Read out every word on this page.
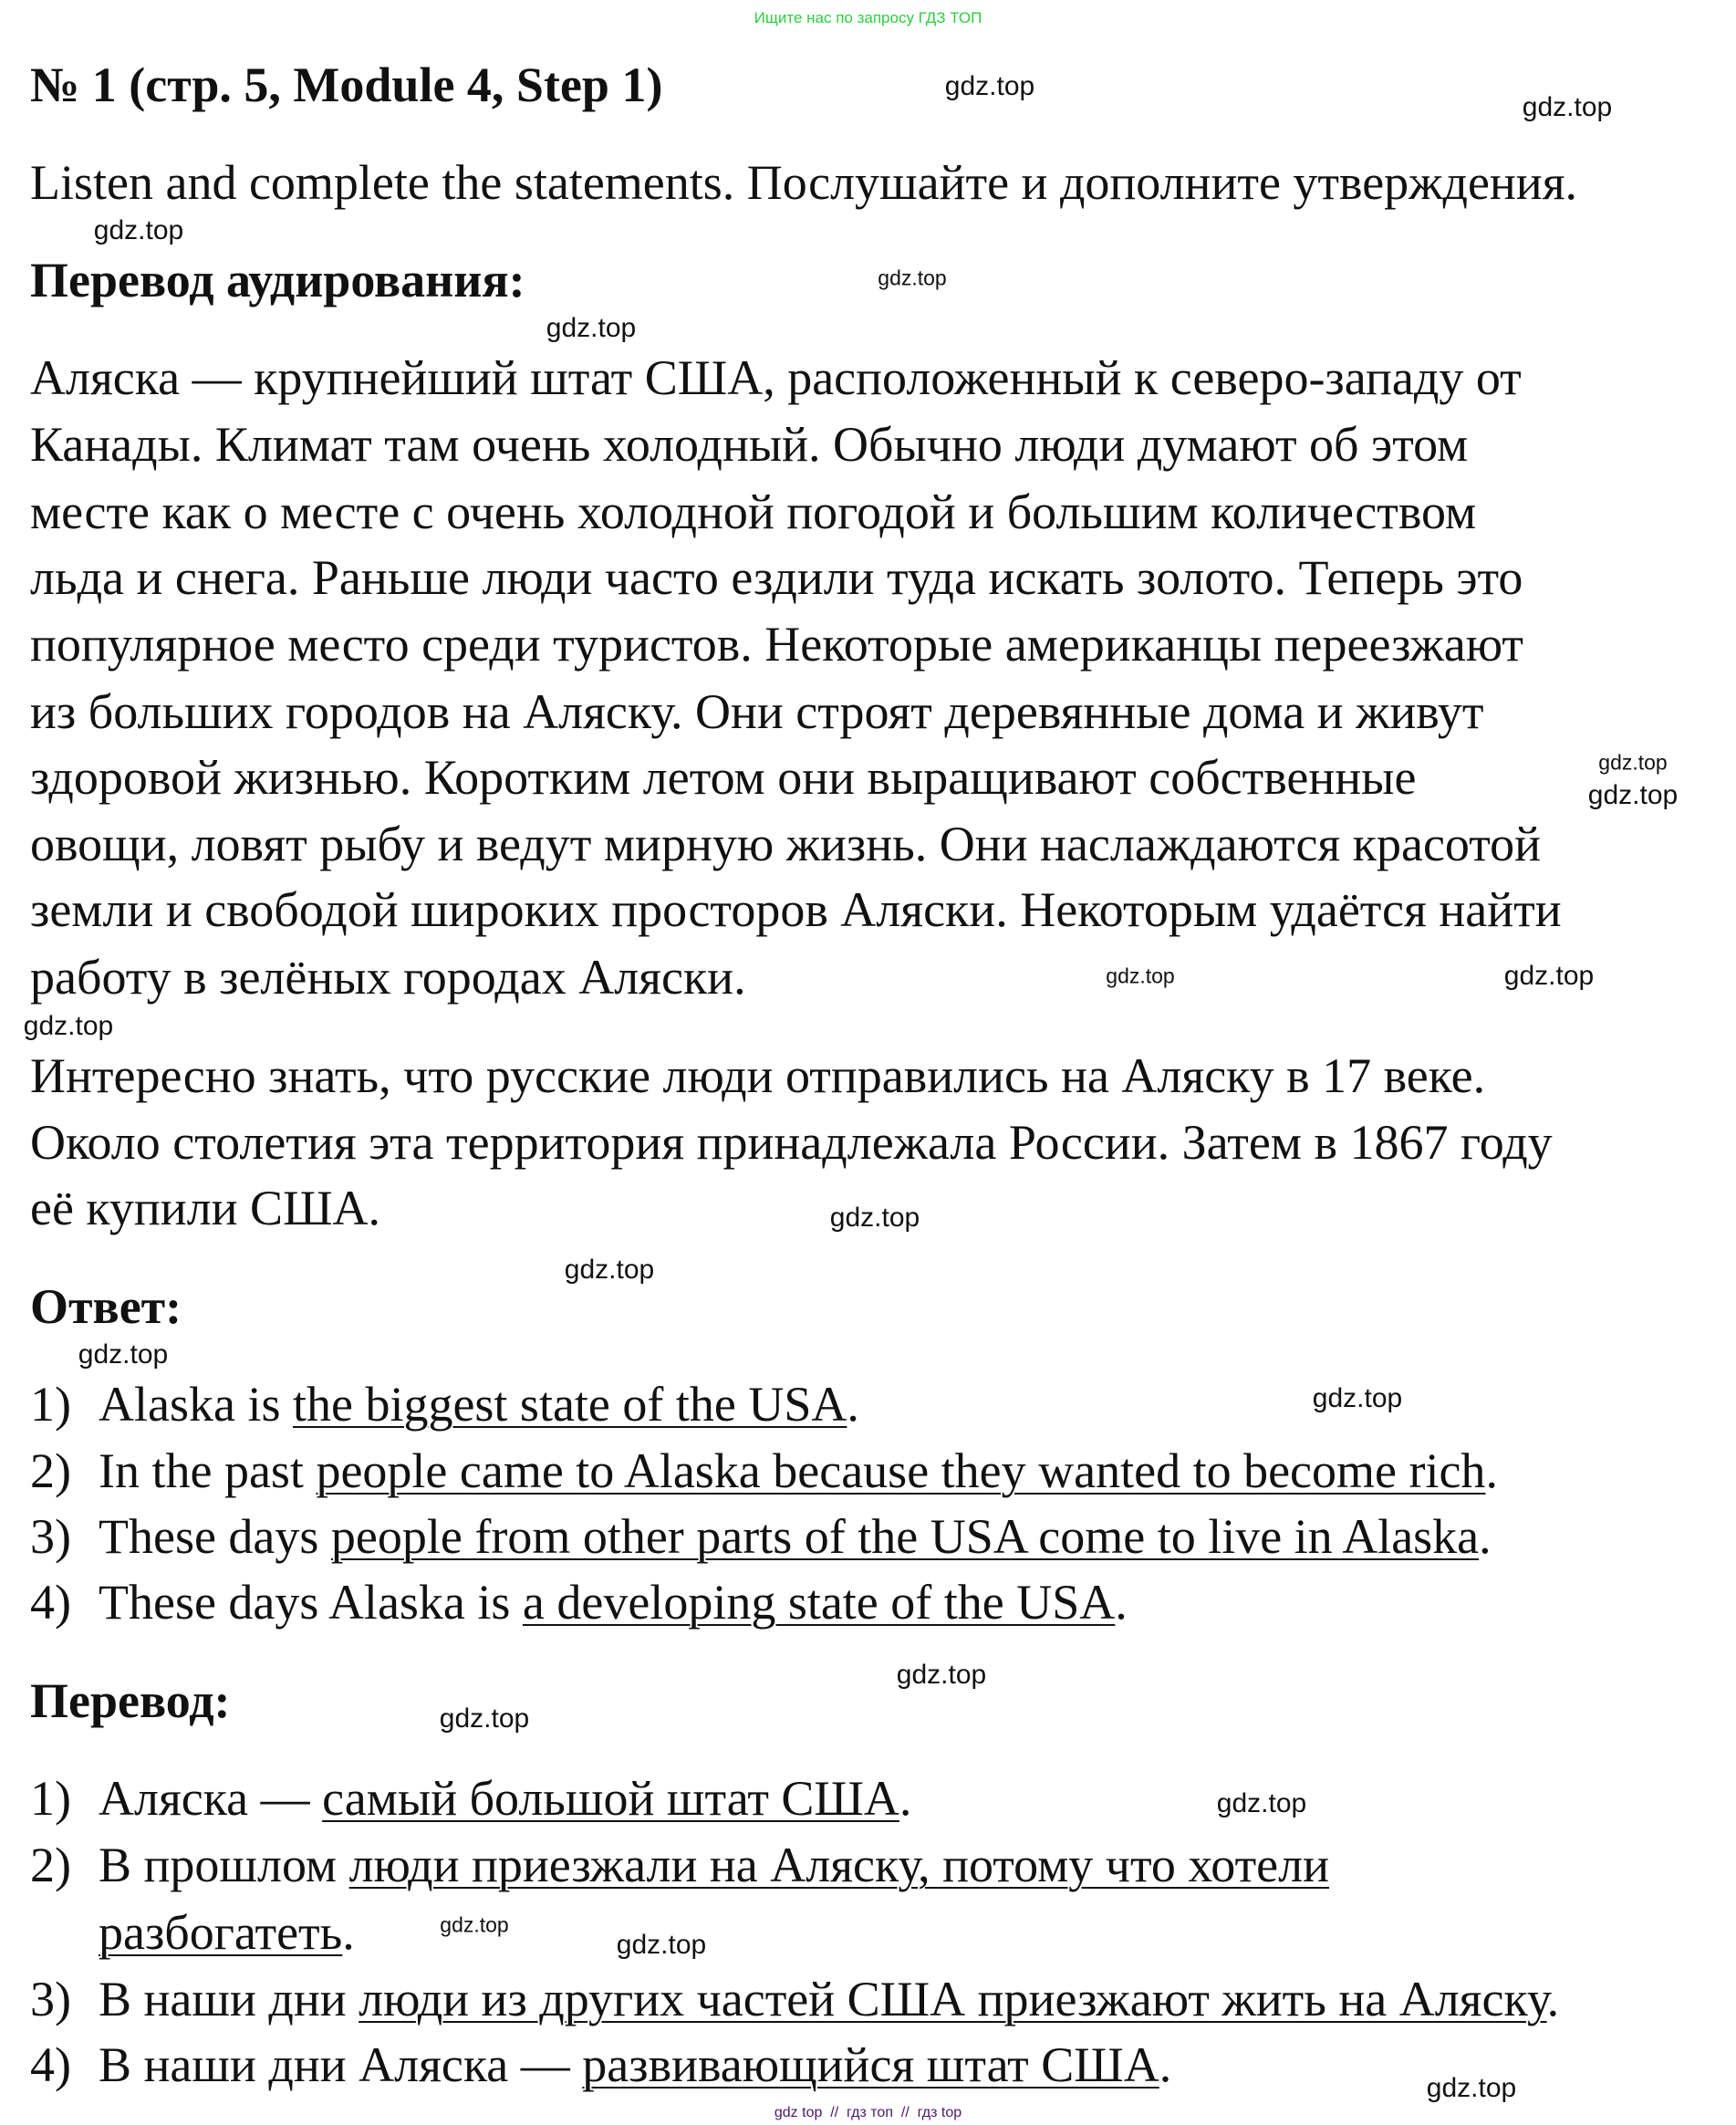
Ищите нас по запросу ГДЗ ТОП
№ 1 (стр. 5, Module 4, Step 1)
Listen and complete the statements. Послушайте и дополните утверждения.
Перевод аудирования:
Аляска — крупнейший штат США, расположенный к северо-западу от
Канады. Климат там очень холодный. Обычно люди думают об этом
месте как о месте с очень холодной погодой и большим количеством
льда и снега. Раньше люди часто ездили туда искать золото. Теперь это
популярное место среди туристов. Некоторые американцы переезжают
из больших городов на Аляску. Они строят деревянные дома и живут
здоровой жизнью. Коротким летом они выращивают собственные
овощи, ловят рыбу и ведут мирную жизнь. Они наслаждаются красотой
земли и свободой широких просторов Аляски. Некоторым удаётся найти
работу в зелёных городах Аляски.
Интересно знать, что русские люди отправились на Аляску в 17 веке.
Около столетия эта территория принадлежала России. Затем в 1867 году
её купили США.
Ответ:
1) Alaska is the biggest state of the USA.
2) In the past people came to Alaska because they wanted to become rich.
3) These days people from other parts of the USA come to live in Alaska.
4) These days Alaska is a developing state of the USA.
Перевод:
1) Аляска — самый большой штат США.
2) В прошлом люди приезжали на Аляску, потому что хотели
разбогатеть.
3) В наши дни люди из других частей США приезжают жить на Аляску.
4) В наши дни Аляска — развивающийся штат США.
gdz.top
gdz.top
gdz.top
gdz.top
gdz.top
gdz.top
gdz.top
gdz.top
gdz.top
gdz.top
gdz.top
gdz.top
gdz.top
gdz.top
gdz.top
gdz.top
gdz.top
gdz.top
gdz.top
gdz.top
gdz top  //  гдз топ  //  гдз top
